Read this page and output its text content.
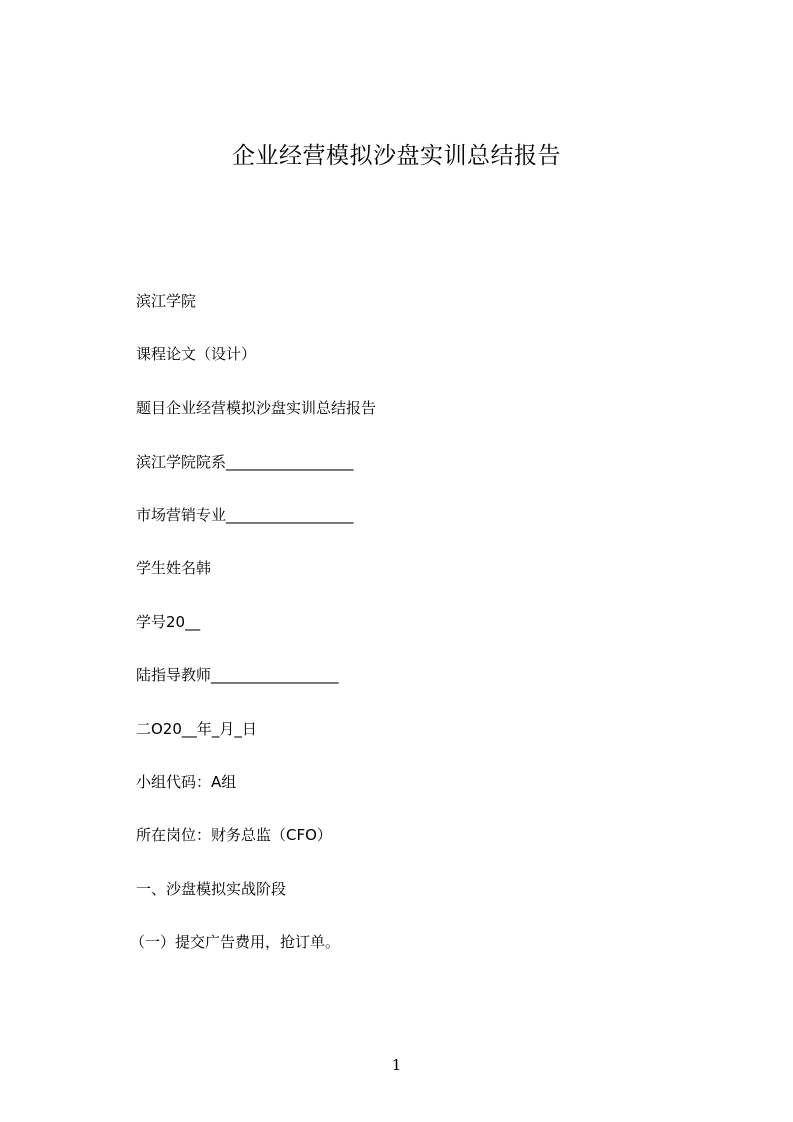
企业经营模拟沙盘实训总结报告
滨江学院
课程论文（设计）
题目企业经营模拟沙盘实训总结报告
滨江学院院系_________________
市场营销专业_________________
学生姓名韩
学号20__
陆指导教师_________________
二O20__年_月_日
小组代码：A组
所在岗位：财务总监（CFO）
一、沙盘模拟实战阶段
（一）提交广告费用，抢订单。
1
